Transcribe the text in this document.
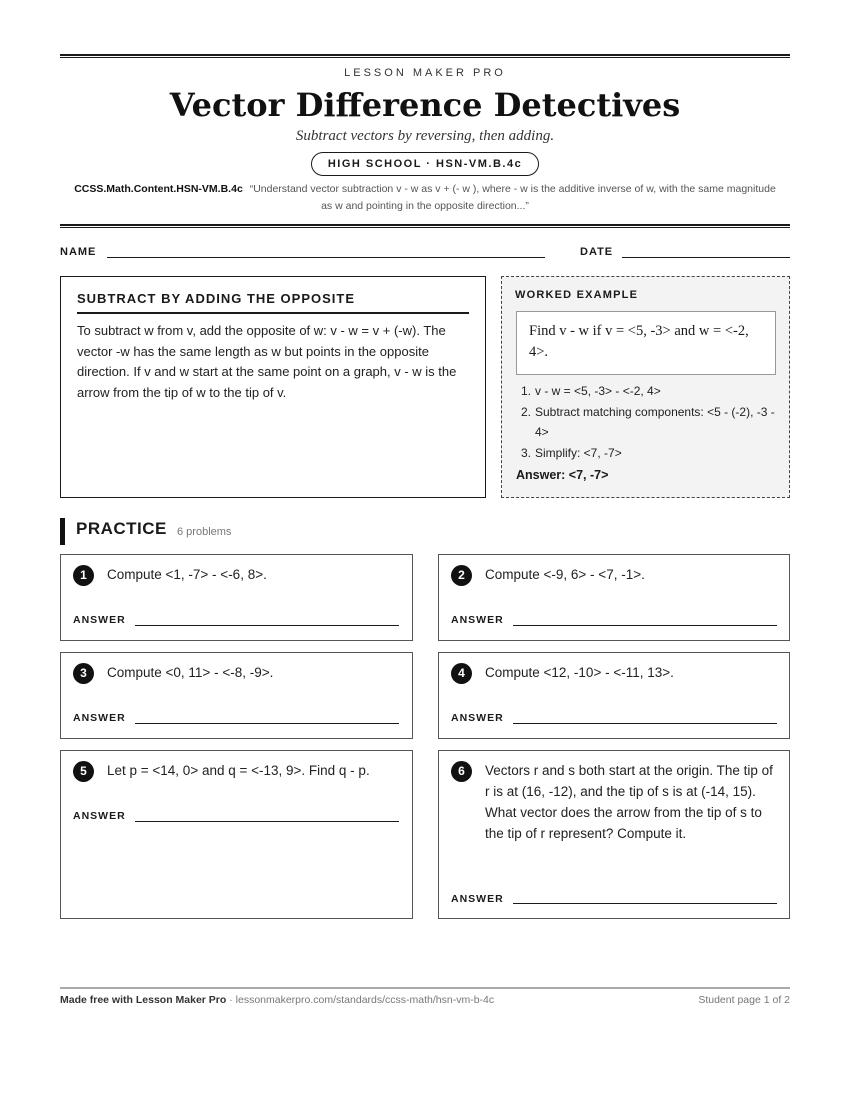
LESSON MAKER PRO
Vector Difference Detectives
Subtract vectors by reversing, then adding.
HIGH SCHOOL · HSN-VM.B.4c
CCSS.Math.Content.HSN-VM.B.4c “Understand vector subtraction v - w as v + (- w ), where - w is the additive inverse of w, with the same magnitude as w and pointing in the opposite direction...”
NAME	DATE
SUBTRACT BY ADDING THE OPPOSITE
To subtract w from v, add the opposite of w: v - w = v + (-w). The vector -w has the same length as w but points in the opposite direction. If v and w start at the same point on a graph, v - w is the arrow from the tip of w to the tip of v.
WORKED EXAMPLE
Find v - w if v = <5, -3> and w = <-2, 4>.
1. v - w = <5, -3> - <-2, 4>
2. Subtract matching components: <5 - (-2), -3 - 4>
3. Simplify: <7, -7>
Answer: <7, -7>
PRACTICE 6 problems
1	Compute <1, -7> - <-6, 8>.
ANSWER
2	Compute <-9, 6> - <7, -1>.
ANSWER
3	Compute <0, 11> - <-8, -9>.
ANSWER
4	Compute <12, -10> - <-11, 13>.
ANSWER
5	Let p = <14, 0> and q = <-13, 9>. Find q - p.
ANSWER
6	Vectors r and s both start at the origin. The tip of r is at (16, -12), and the tip of s is at (-14, 15). What vector does the arrow from the tip of s to the tip of r represent? Compute it.
ANSWER
Made free with Lesson Maker Pro · lessonmakerpro.com/standards/ccss-math/hsn-vm-b-4c	Student page 1 of 2
